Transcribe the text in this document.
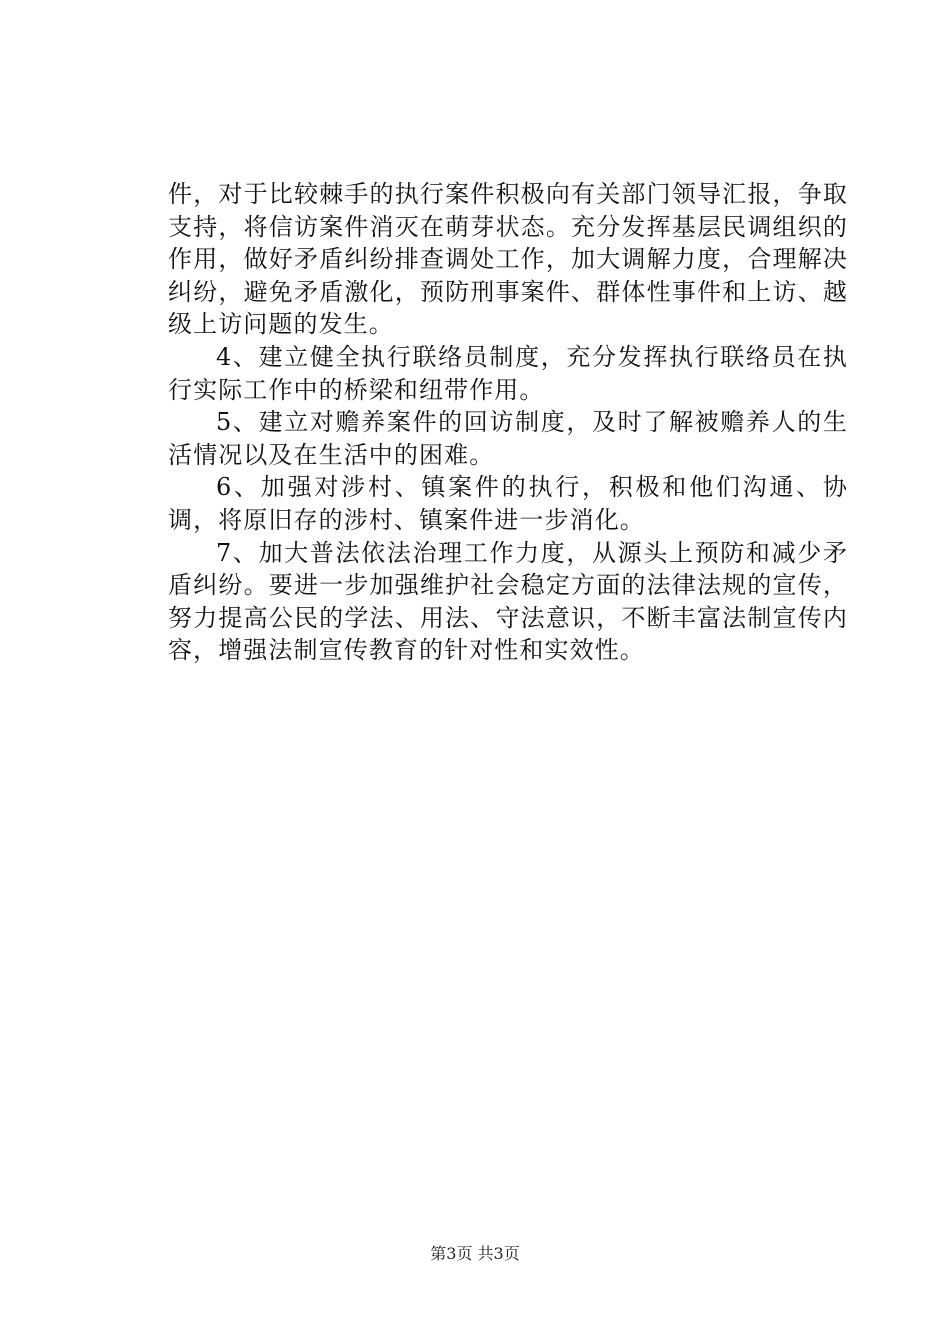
件，对于比较棘手的执行案件积极向有关部门领导汇报，争取支持，将信访案件消灭在萌芽状态。充分发挥基层民调组织的作用，做好矛盾纠纷排查调处工作，加大调解力度，合理解决纠纷，避免矛盾激化，预防刑事案件、群体性事件和上访、越级上访问题的发生。

4、建立健全执行联络员制度，充分发挥执行联络员在执行实际工作中的桥梁和纽带作用。

5、建立对赡养案件的回访制度，及时了解被赡养人的生活情况以及在生活中的困难。

6、加强对涉村、镇案件的执行，积极和他们沟通、协调，将原旧存的涉村、镇案件进一步消化。

7、加大普法依法治理工作力度，从源头上预防和减少矛盾纠纷。要进一步加强维护社会稳定方面的法律法规的宣传，努力提高公民的学法、用法、守法意识，不断丰富法制宣传内容，增强法制宣传教育的针对性和实效性。

第3页 共3页
